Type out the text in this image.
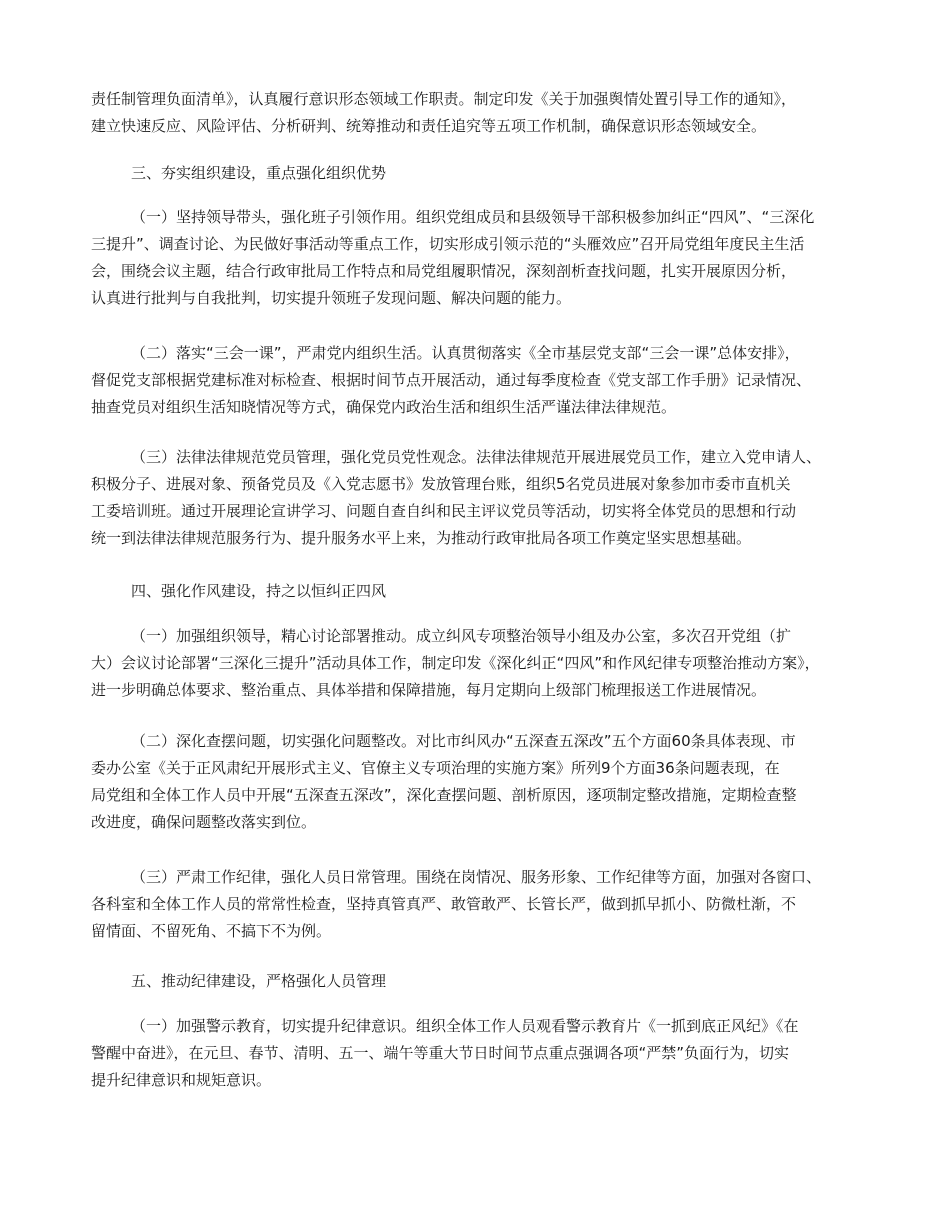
责任制管理负面清单》，认真履行意识形态领域工作职责。制定印发《关于加强舆情处置引导工作的通知》，
建立快速反应、风险评估、分析研判、统筹推动和责任追究等五项工作机制，确保意识形态领域安全。
三、夯实组织建设，重点强化组织优势
（一）坚持领导带头，强化班子引领作用。组织党组成员和县级领导干部积极参加纠正“四风”、“三深化
三提升”、调查讨论、为民做好事活动等重点工作，切实形成引领示范的“头雁效应”召开局党组年度民主生活
会，围绕会议主题，结合行政审批局工作特点和局党组履职情况，深刻剖析查找问题，扎实开展原因分析，
认真进行批判与自我批判，切实提升领班子发现问题、解决问题的能力。
（二）落实“三会一课”，严肃党内组织生活。认真贯彻落实《全市基层党支部“三会一课”总体安排》，
督促党支部根据党建标准对标检查、根据时间节点开展活动，通过每季度检查《党支部工作手册》记录情况、
抽查党员对组织生活知晓情况等方式，确保党内政治生活和组织生活严谨法律法律规范。
（三）法律法律规范党员管理，强化党员党性观念。法律法律规范开展进展党员工作，建立入党申请人、
积极分子、进展对象、预备党员及《入党志愿书》发放管理台账，组织5名党员进展对象参加市委市直机关
工委培训班。通过开展理论宣讲学习、问题自查自纠和民主评议党员等活动，切实将全体党员的思想和行动
统一到法律法律规范服务行为、提升服务水平上来，为推动行政审批局各项工作奠定坚实思想基础。
四、强化作风建设，持之以恒纠正四风
（一）加强组织领导，精心讨论部署推动。成立纠风专项整治领导小组及办公室，多次召开党组（扩
大）会议讨论部署“三深化三提升”活动具体工作，制定印发《深化纠正“四风”和作风纪律专项整治推动方案》，
进一步明确总体要求、整治重点、具体举措和保障措施，每月定期向上级部门梳理报送工作进展情况。
（二）深化查摆问题，切实强化问题整改。对比市纠风办“五深查五深改”五个方面60条具体表现、市
委办公室《关于正风肃纪开展形式主义、官僚主义专项治理的实施方案》所列9个方面36条问题表现，在
局党组和全体工作人员中开展“五深查五深改”，深化查摆问题、剖析原因，逐项制定整改措施，定期检查整
改进度，确保问题整改落实到位。
（三）严肃工作纪律，强化人员日常管理。围绕在岗情况、服务形象、工作纪律等方面，加强对各窗口、
各科室和全体工作人员的常常性检查，坚持真管真严、敢管敢严、长管长严，做到抓早抓小、防微杜渐，不
留情面、不留死角、不搞下不为例。
五、推动纪律建设，严格强化人员管理
（一）加强警示教育，切实提升纪律意识。组织全体工作人员观看警示教育片《一抓到底正风纪》《在
警醒中奋进》，在元旦、春节、清明、五一、端午等重大节日时间节点重点强调各项“严禁”负面行为，切实
提升纪律意识和规矩意识。
